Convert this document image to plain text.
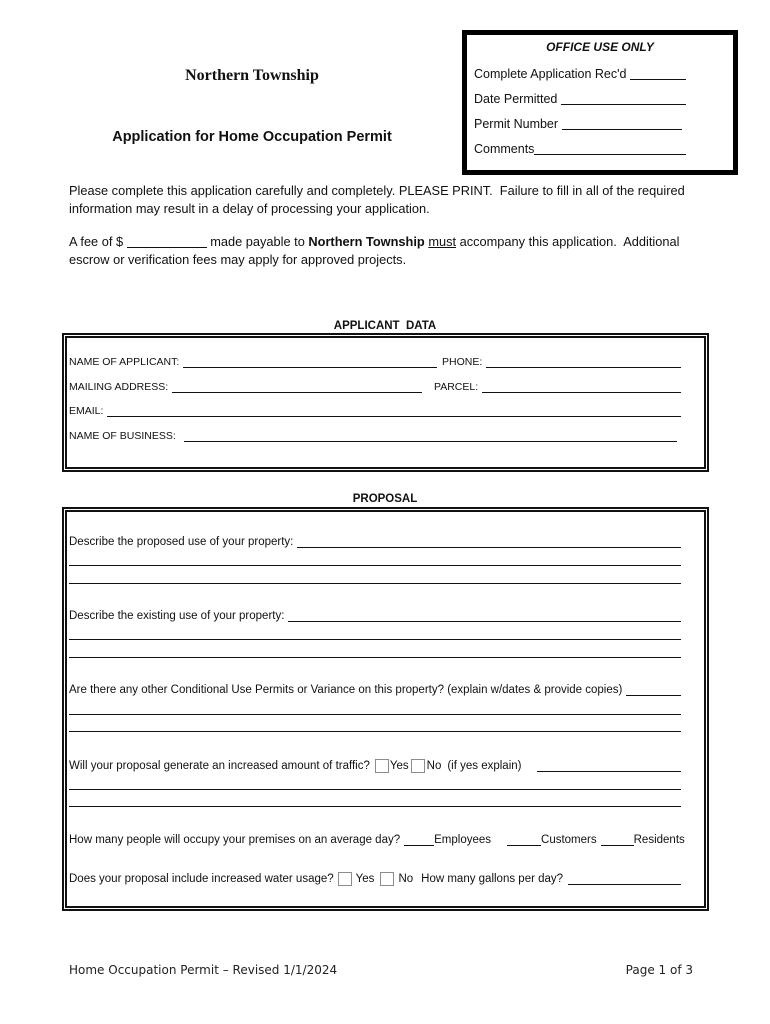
OFFICE USE ONLY
Complete Application Rec'd
Date Permitted
Permit Number
Comments
Northern Township
Application for Home Occupation Permit
Please complete this application carefully and completely. PLEASE PRINT.  Failure to fill in all of the required
information may result in a delay of processing your application.
A fee of $	made payable to Northern Township must accompany this application.  Additional
escrow or verification fees may apply for approved projects.
APPLICANT  DATA
NAME OF APPLICANT:	PHONE:
MAILING ADDRESS:	PARCEL:
EMAIL:
NAME OF BUSINESS:
PROPOSAL
Describe the proposed use of your property:
Describe the existing use of your property:
Are there any other Conditional Use Permits or Variance on this property? (explain w/dates & provide copies)
Will your proposal generate an increased amount of traffic? Yes No (if yes explain)
How many people will occupy your premises on an average day?	Employees	Customers	Residents
Does your proposal include increased water usage? Yes No How many gallons per day?
Home Occupation Permit – Revised 1/1/2024	Page 1 of 3
